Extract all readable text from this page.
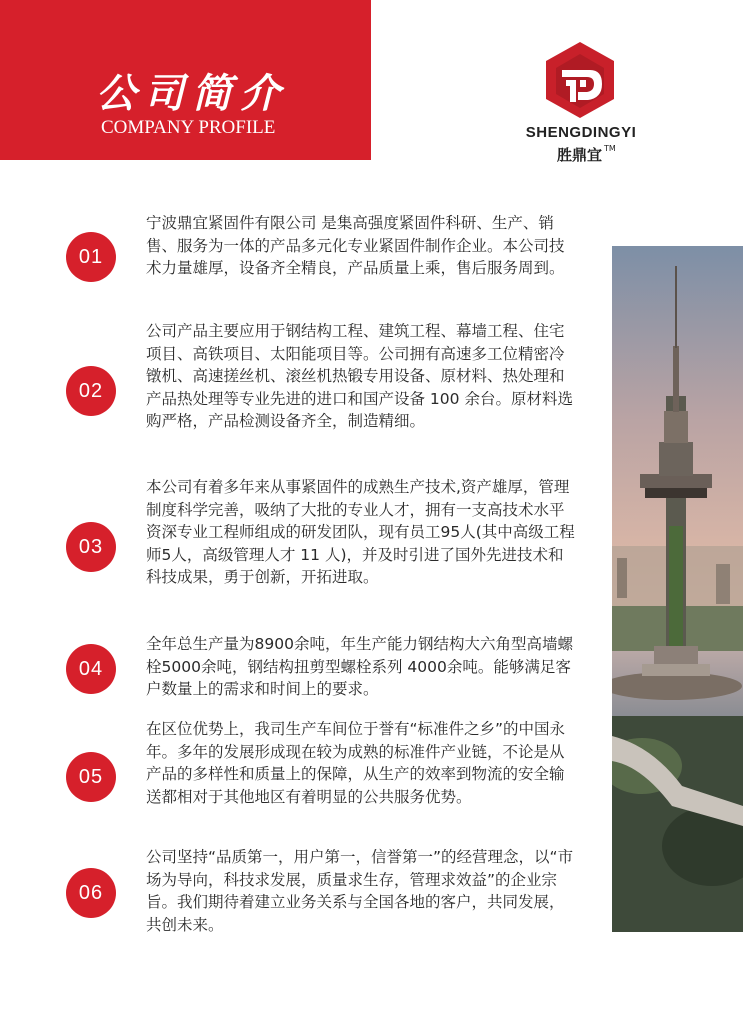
公司简介
COMPANY PROFILE	SHENGDINGYI
胜鼎宜 ™
01
宁波鼎宜紧固件有限公司 是集高强度紧固件科研、生产、销售、服务为一体的产品多元化专业紧固件制作企业。本公司技术力量雄厚，设备齐全精良，产品质量上乘，售后服务周到。
02
公司产品主要应用于钢结构工程、建筑工程、幕墙工程、住宅项目、高铁项目、太阳能项目等。公司拥有高速多工位精密冷镦机、高速搓丝机、滚丝机热锻专用设备、原材料、热处理和产品热处理等专业先进的进口和国产设备 100 余台。原材料选购严格，产品检测设备齐全，制造精细。
03
本公司有着多年来从事紧固件的成熟生产技术,资产雄厚，管理制度科学完善，吸纳了大批的专业人才，拥有一支高技术水平资深专业工程师组成的研发团队，现有员工95人(其中高级工程师5人，高级管理人才 11 人)，并及时引进了国外先进技术和科技成果，勇于创新，开拓进取。
04
全年总生产量为8900余吨，年生产能力钢结构大六角型高墙螺栓5000余吨，钢结构扭剪型螺栓系列 4000余吨。能够满足客户数量上的需求和时间上的要求。
05
在区位优势上，我司生产车间位于誉有“标准件之乡”的中国永年。多年的发展形成现在较为成熟的标准件产业链，不论是从产品的多样性和质量上的保障，从生产的效率到物流的安全输送都相对于其他地区有着明显的公共服务优势。
06
公司坚持“品质第一，用户第一，信誉第一”的经营理念，以“市场为导向，科技求发展，质量求生存，管理求效益”的企业宗旨。我们期待着建立业务关系与全国各地的客户，共同发展，共创未来。
